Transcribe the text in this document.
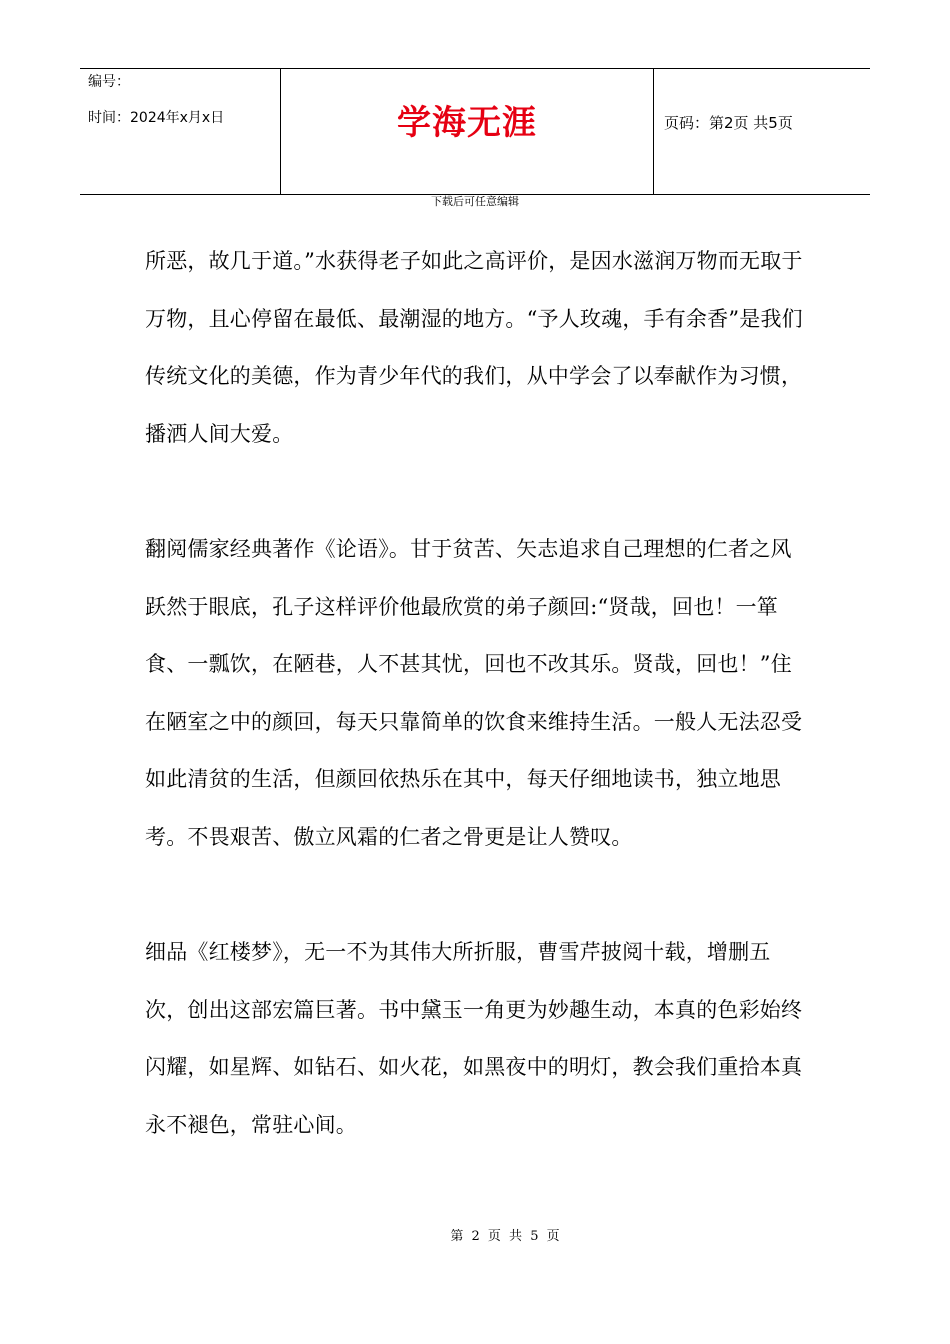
编号：
时间：2024年x月x日	学海无涯	页码：第2页 共5页
下载后可任意编辑

所恶，故几于道。”水获得老子如此之高评价，是因水滋润万物而无取于万物，且心停留在最低、最潮湿的地方。“予人玫魂，手有余香”是我们传统文化的美德，作为青少年代的我们，从中学会了以奉献作为习惯，播洒人间大爱。

翻阅儒家经典著作《论语》。甘于贫苦、矢志追求自己理想的仁者之风跃然于眼底，孔子这样评价他最欣赏的弟子颜回:“贤哉，回也！一箪食、一瓢饮，在陋巷，人不甚其忧，回也不改其乐。贤哉，回也！”住在陋室之中的颜回，每天只靠简单的饮食来维持生活。一般人无法忍受如此清贫的生活，但颜回依热乐在其中，每天仔细地读书，独立地思考。不畏艰苦、傲立风霜的仁者之骨更是让人赞叹。

细品《红楼梦》，无一不为其伟大所折服，曹雪芹披阅十载，增删五次，创出这部宏篇巨著。书中黛玉一角更为妙趣生动，本真的色彩始终闪耀，如星辉、如钻石、如火花，如黑夜中的明灯，教会我们重拾本真永不褪色，常驻心间。

第 2 页 共 5 页
